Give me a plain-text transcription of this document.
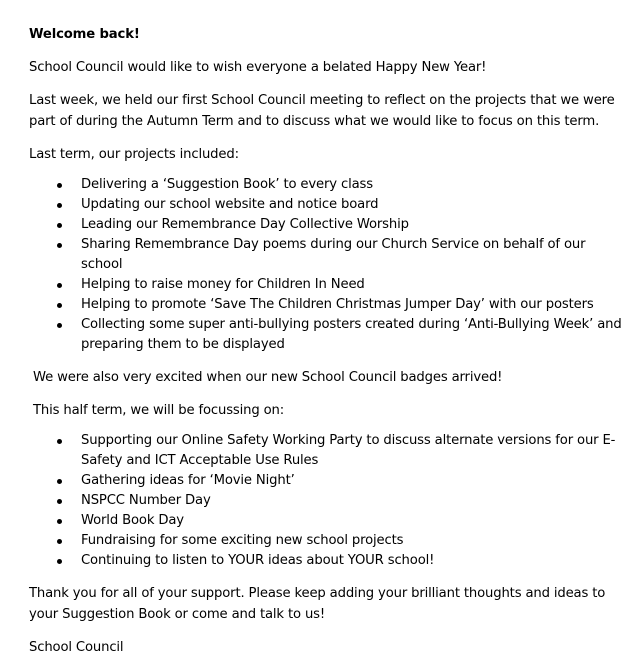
Welcome back!

School Council would like to wish everyone a belated Happy New Year!

Last week, we held our first School Council meeting to reflect on the projects that we were part of during the Autumn Term and to discuss what we would like to focus on this term.

Last term, our projects included:

Delivering a ‘Suggestion Book’ to every class
Updating our school website and notice board
Leading our Remembrance Day Collective Worship
Sharing Remembrance Day poems during our Church Service on behalf of our school
Helping to raise money for Children In Need
Helping to promote ‘Save The Children Christmas Jumper Day’ with our posters
Collecting some super anti-bullying posters created during ‘Anti-Bullying Week’ and preparing them to be displayed

We were also very excited when our new School Council badges arrived!

This half term, we will be focussing on:

Supporting our Online Safety Working Party to discuss alternate versions for our E-Safety and ICT Acceptable Use Rules
Gathering ideas for ‘Movie Night’
NSPCC Number Day
World Book Day
Fundraising for some exciting new school projects
Continuing to listen to YOUR ideas about YOUR school!

Thank you for all of your support. Please keep adding your brilliant thoughts and ideas to your Suggestion Book or come and talk to us!

School Council
